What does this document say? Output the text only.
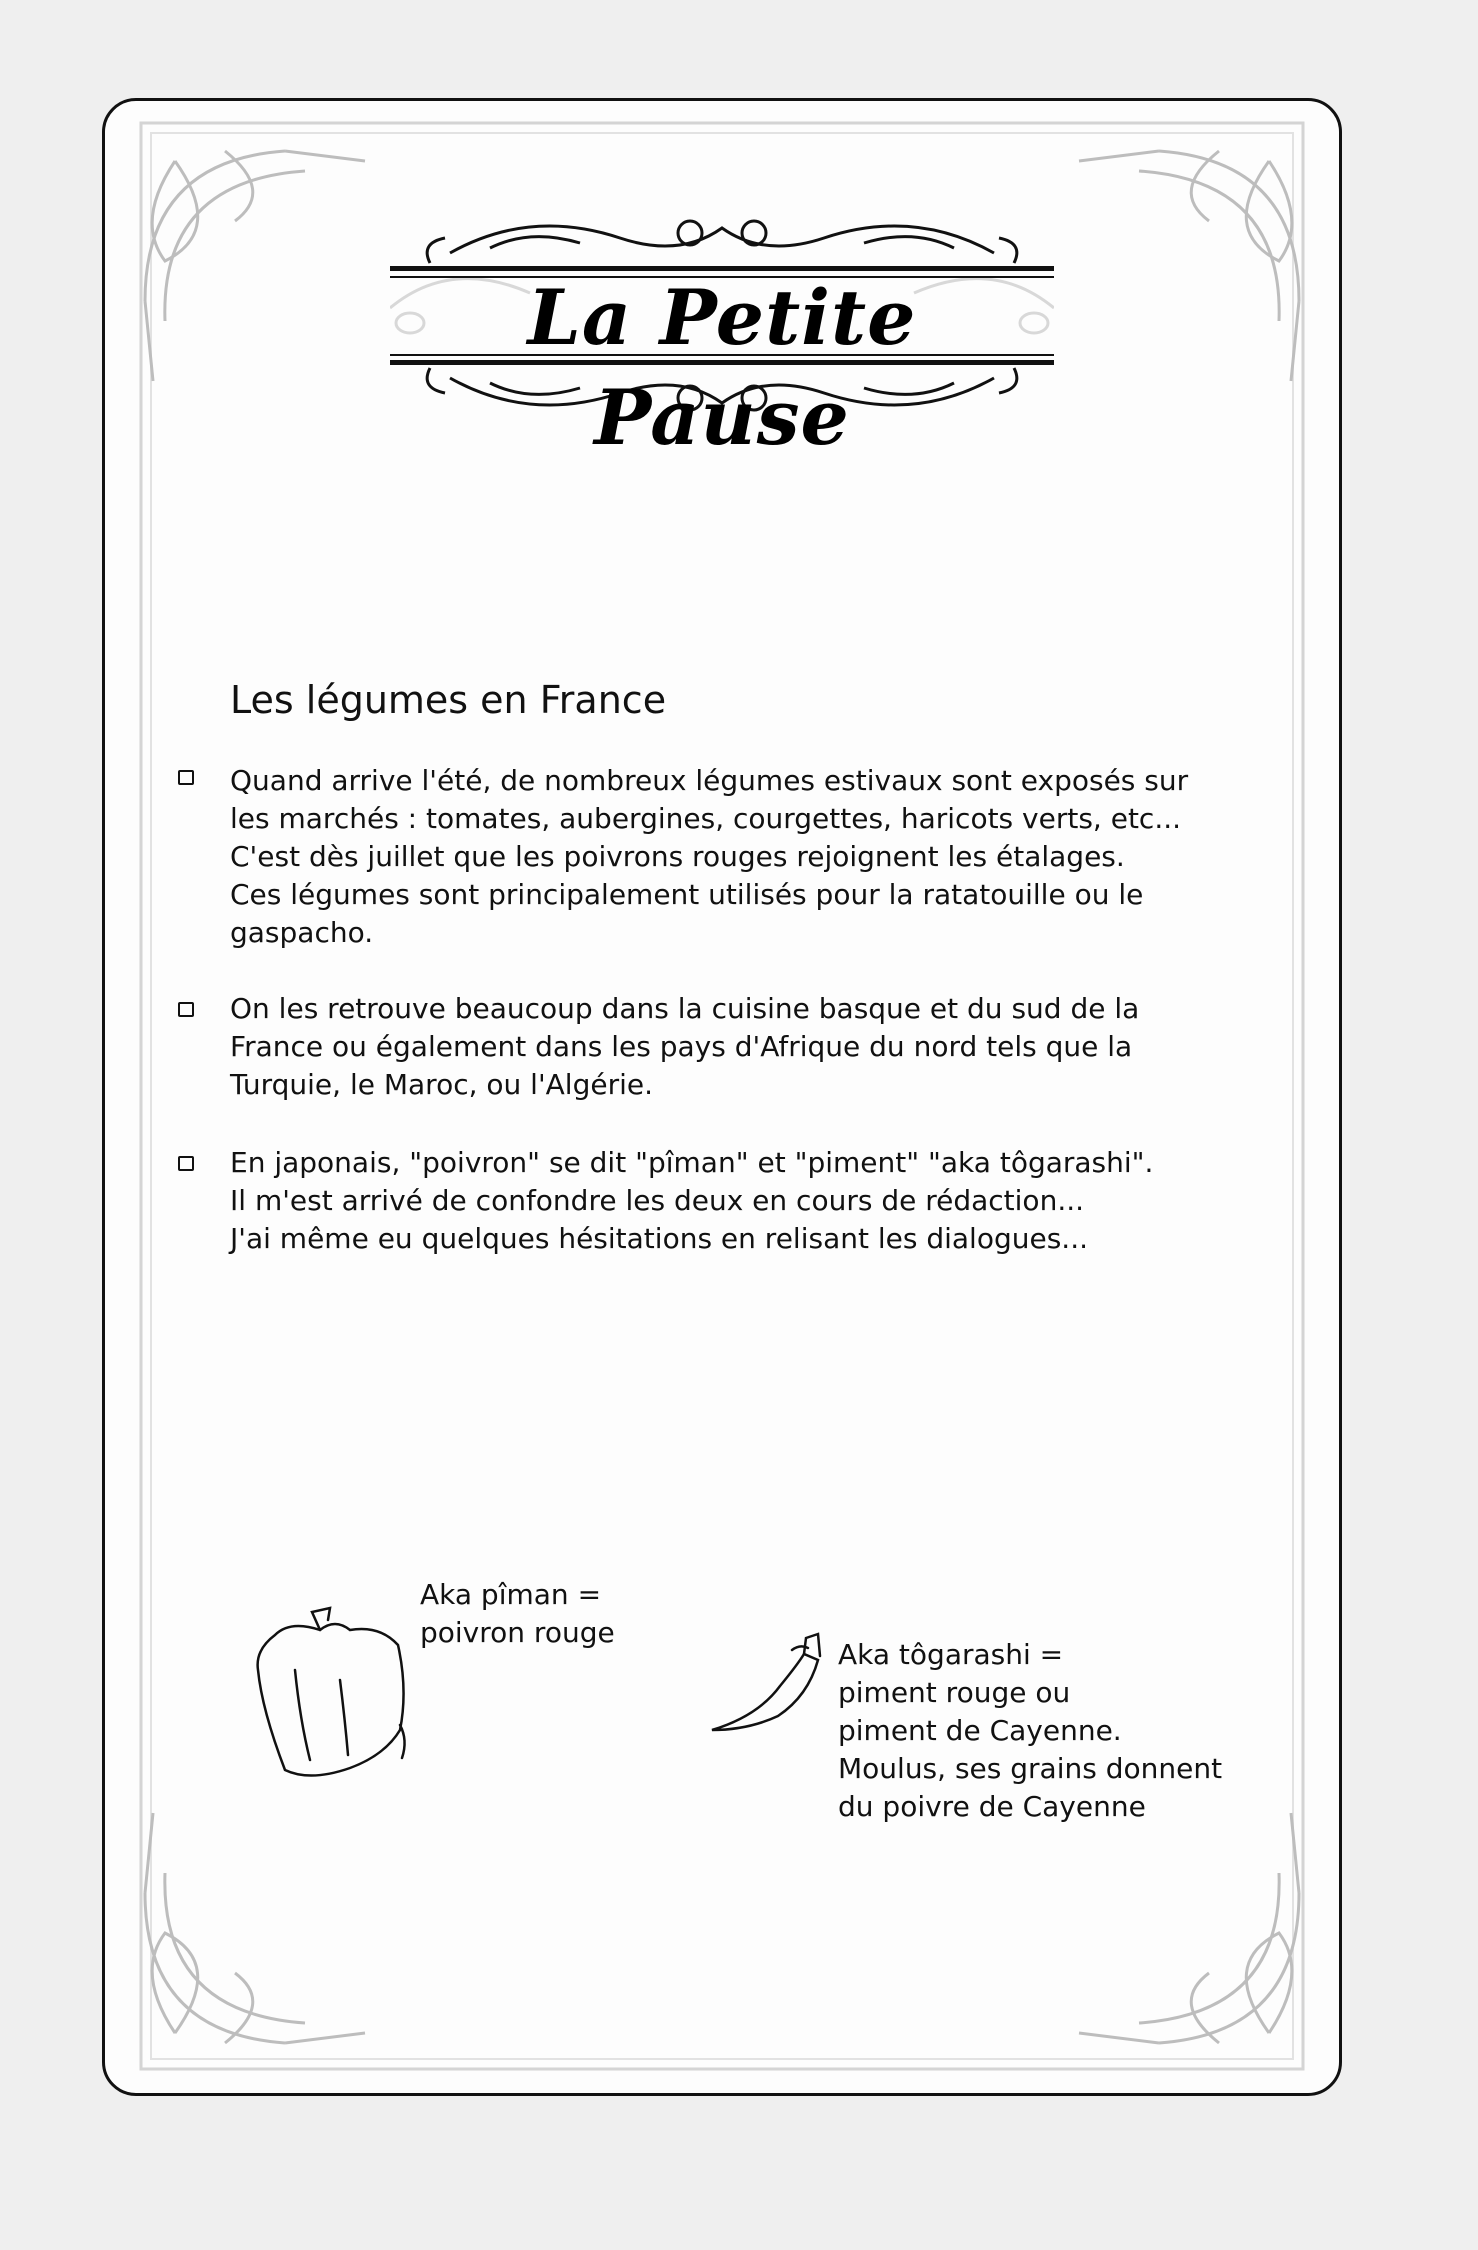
La Petite Pause
Les légumes en France
Quand arrive l'été, de nombreux légumes estivaux sont exposés sur
les marchés : tomates, aubergines, courgettes, haricots verts, etc...
C'est dès juillet que les poivrons rouges rejoignent les étalages.
Ces légumes sont principalement utilisés pour la ratatouille ou le
gaspacho.
On les retrouve beaucoup dans la cuisine basque et du sud de la
France ou également dans les pays d'Afrique du nord tels que la
Turquie, le Maroc, ou l'Algérie.
En japonais, "poivron" se dit "pîman" et "piment" "aka tôgarashi".
Il m'est arrivé de confondre les deux en cours de rédaction...
J'ai même eu quelques hésitations en relisant les dialogues...
Aka pîman =
poivron rouge
Aka tôgarashi =
piment rouge ou
piment de Cayenne.
Moulus, ses grains donnent
du poivre de Cayenne
